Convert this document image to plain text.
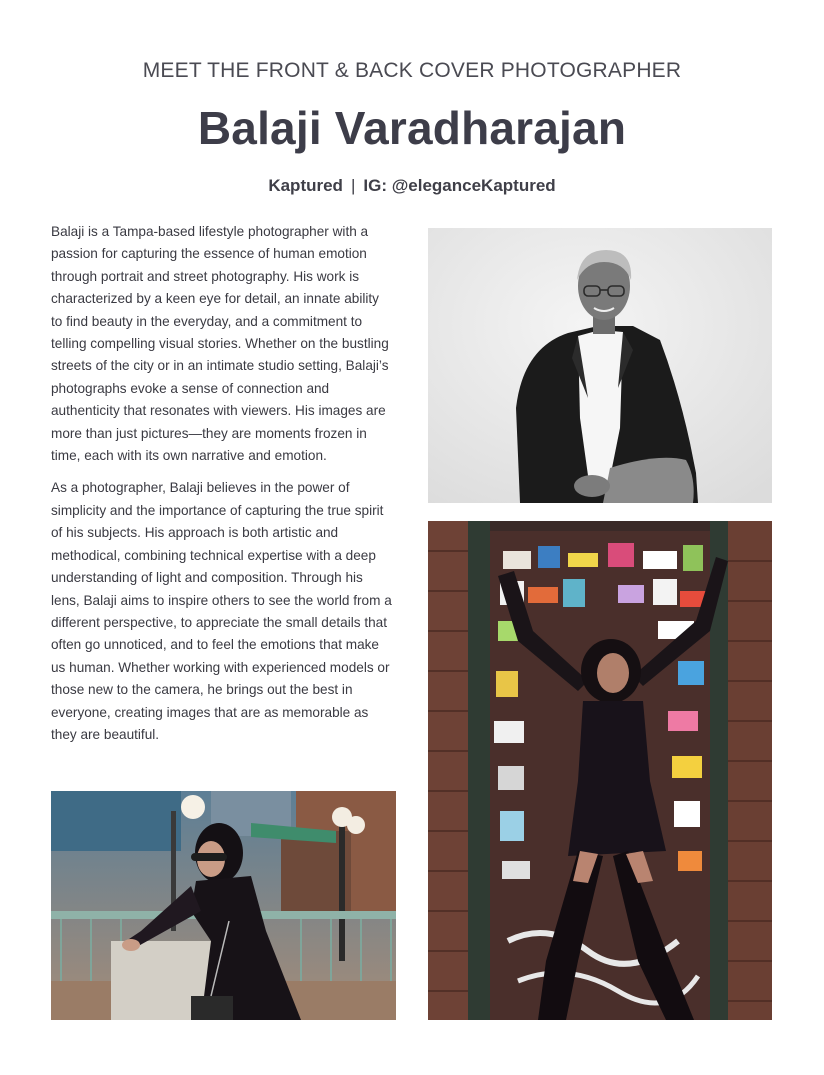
MEET THE FRONT & BACK COVER PHOTOGRAPHER
Balaji Varadharajan
Kaptured | IG: @eleganceKaptured

Balaji is a Tampa-based lifestyle photographer with a passion for capturing the essence of human emotion through portrait and street photography. His work is characterized by a keen eye for detail, an innate ability to find beauty in the everyday, and a commitment to telling compelling visual stories. Whether on the bustling streets of the city or in an intimate studio setting, Balaji’s photographs evoke a sense of connection and authenticity that resonates with viewers. His images are more than just pictures—they are moments frozen in time, each with its own narrative and emotion.

As a photographer, Balaji believes in the power of simplicity and the importance of capturing the true spirit of his subjects. His approach is both artistic and methodical, combining technical expertise with a deep understanding of light and composition. Through his lens, Balaji aims to inspire others to see the world from a different perspective, to appreciate the small details that often go unnoticed, and to feel the emotions that make us human. Whether working with experienced models or those new to the camera, he brings out the best in everyone, creating images that are as memorable as they are beautiful.
